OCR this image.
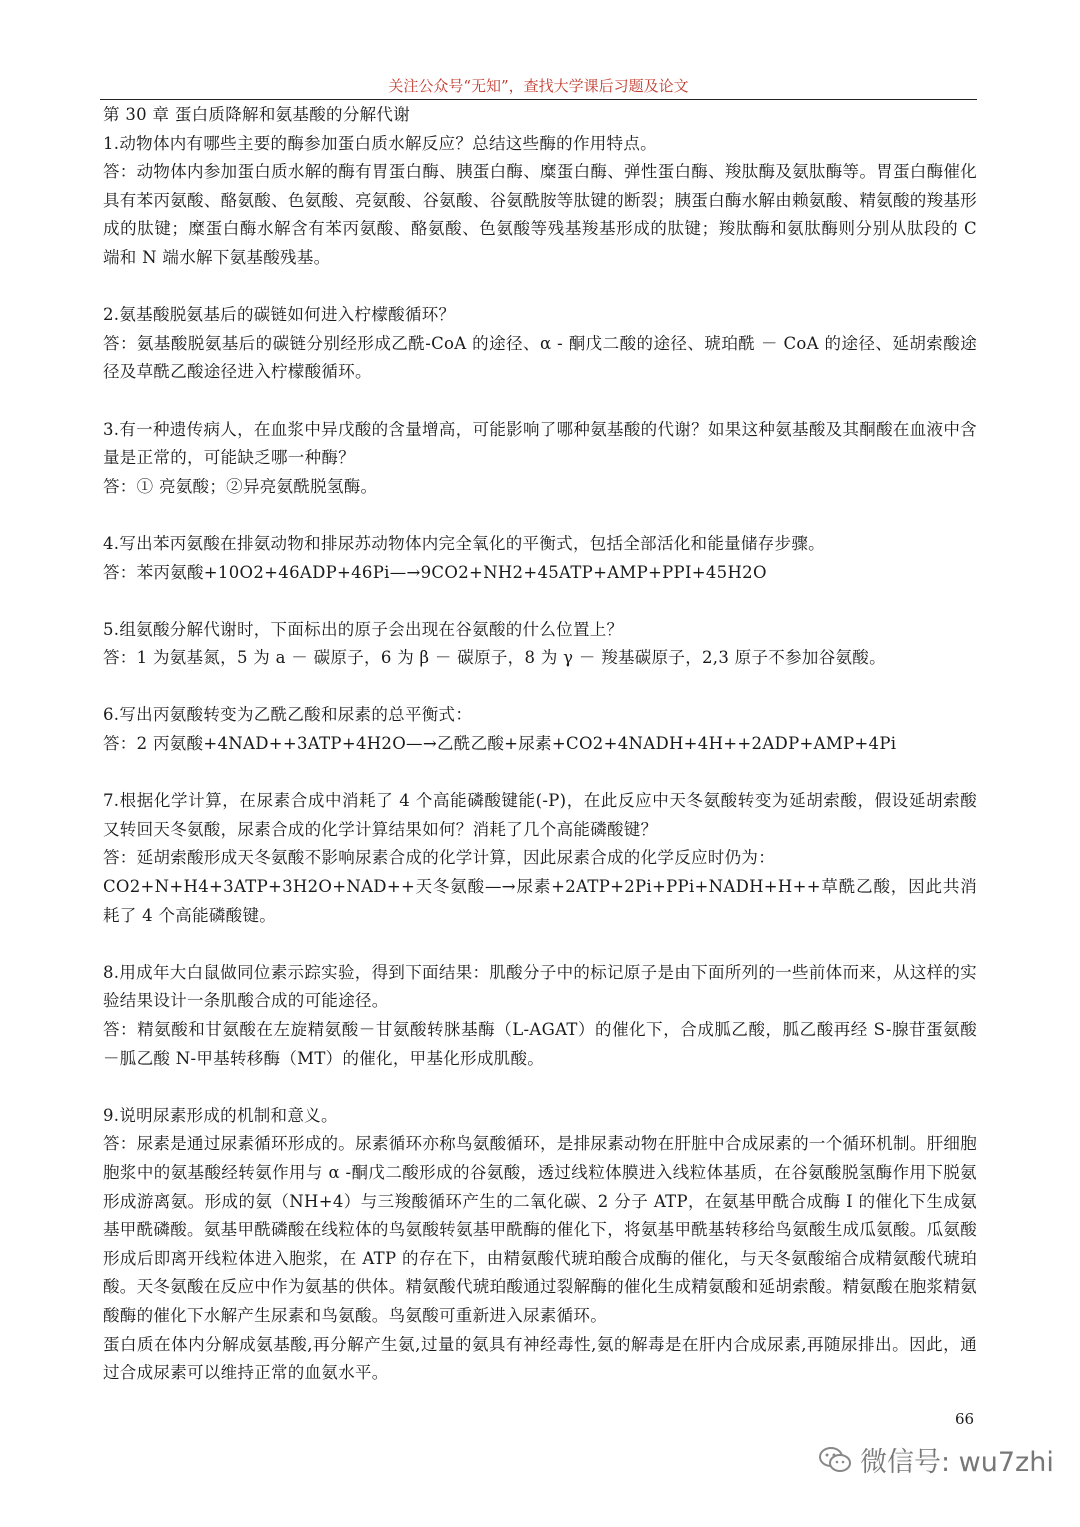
关注公众号“无知”，查找大学课后习题及论文

第 30 章 蛋白质降解和氨基酸的分解代谢

1.动物体内有哪些主要的酶参加蛋白质水解反应？总结这些酶的作用特点。

答：动物体内参加蛋白质水解的酶有胃蛋白酶、胰蛋白酶、糜蛋白酶、弹性蛋白酶、羧肽酶及氨肽酶等。胃蛋白酶催化具有苯丙氨酸、酪氨酸、色氨酸、亮氨酸、谷氨酸、谷氨酰胺等肽键的断裂；胰蛋白酶水解由赖氨酸、精氨酸的羧基形成的肽键；糜蛋白酶水解含有苯丙氨酸、酪氨酸、色氨酸等残基羧基形成的肽键；羧肽酶和氨肽酶则分别从肽段的 C 端和 N 端水解下氨基酸残基。

2.氨基酸脱氨基后的碳链如何进入柠檬酸循环？

答：氨基酸脱氨基后的碳链分别经形成乙酰-CoA 的途径、α - 酮戊二酸的途径、琥珀酰 － CoA 的途径、延胡索酸途径及草酰乙酸途径进入柠檬酸循环。

3.有一种遗传病人，在血浆中异戊酸的含量增高，可能影响了哪种氨基酸的代谢？如果这种氨基酸及其酮酸在血液中含量是正常的，可能缺乏哪一种酶？

答：① 亮氨酸；②异亮氨酰脱氢酶。

4.写出苯丙氨酸在排氨动物和排尿苏动物体内完全氧化的平衡式，包括全部活化和能量储存步骤。

答：苯丙氨酸+10O2+46ADP+46Pi—→9CO2+NH2+45ATP+AMP+PPI+45H2O

5.组氨酸分解代谢时，下面标出的原子会出现在谷氨酸的什么位置上？

答：1 为氨基氮，5 为 a － 碳原子，6 为 β － 碳原子，8 为 γ － 羧基碳原子，2,3 原子不参加谷氨酸。

6.写出丙氨酸转变为乙酰乙酸和尿素的总平衡式：

答：2 丙氨酸+4NAD++3ATP+4H2O—→乙酰乙酸+尿素+CO2+4NADH+4H++2ADP+AMP+4Pi

7.根据化学计算，在尿素合成中消耗了 4 个高能磷酸键能(-P)，在此反应中天冬氨酸转变为延胡索酸，假设延胡索酸又转回天冬氨酸，尿素合成的化学计算结果如何？消耗了几个高能磷酸键？

答：延胡索酸形成天冬氨酸不影响尿素合成的化学计算，因此尿素合成的化学反应时仍为：

CO2+N+H4+3ATP+3H2O+NAD++天冬氨酸—→尿素+2ATP+2Pi+PPi+NADH+H++草酰乙酸，因此共消耗了 4 个高能磷酸键。

8.用成年大白鼠做同位素示踪实验，得到下面结果：肌酸分子中的标记原子是由下面所列的一些前体而来，从这样的实验结果设计一条肌酸合成的可能途径。

答：精氨酸和甘氨酸在左旋精氨酸－甘氨酸转脒基酶（L-AGAT）的催化下，合成胍乙酸，胍乙酸再经 S-腺苷蛋氨酸－胍乙酸 N-甲基转移酶（MT）的催化，甲基化形成肌酸。

9.说明尿素形成的机制和意义。

答：尿素是通过尿素循环形成的。尿素循环亦称鸟氨酸循环，是排尿素动物在肝脏中合成尿素的一个循环机制。肝细胞胞浆中的氨基酸经转氨作用与 α -酮戊二酸形成的谷氨酸，透过线粒体膜进入线粒体基质，在谷氨酸脱氢酶作用下脱氨形成游离氨。形成的氨（NH+4）与三羧酸循环产生的二氧化碳、2 分子 ATP，在氨基甲酰合成酶 I 的催化下生成氨基甲酰磷酸。氨基甲酰磷酸在线粒体的鸟氨酸转氨基甲酰酶的催化下，将氨基甲酰基转移给鸟氨酸生成瓜氨酸。瓜氨酸形成后即离开线粒体进入胞浆，在 ATP 的存在下，由精氨酸代琥珀酸合成酶的催化，与天冬氨酸缩合成精氨酸代琥珀酸。天冬氨酸在反应中作为氨基的供体。精氨酸代琥珀酸通过裂解酶的催化生成精氨酸和延胡索酸。精氨酸在胞浆精氨酸酶的催化下水解产生尿素和鸟氨酸。鸟氨酸可重新进入尿素循环。

蛋白质在体内分解成氨基酸,再分解产生氨,过量的氨具有神经毒性,氨的解毒是在肝内合成尿素,再随尿排出。因此，通过合成尿素可以维持正常的血氨水平。

66
微信号: wu7zhi
